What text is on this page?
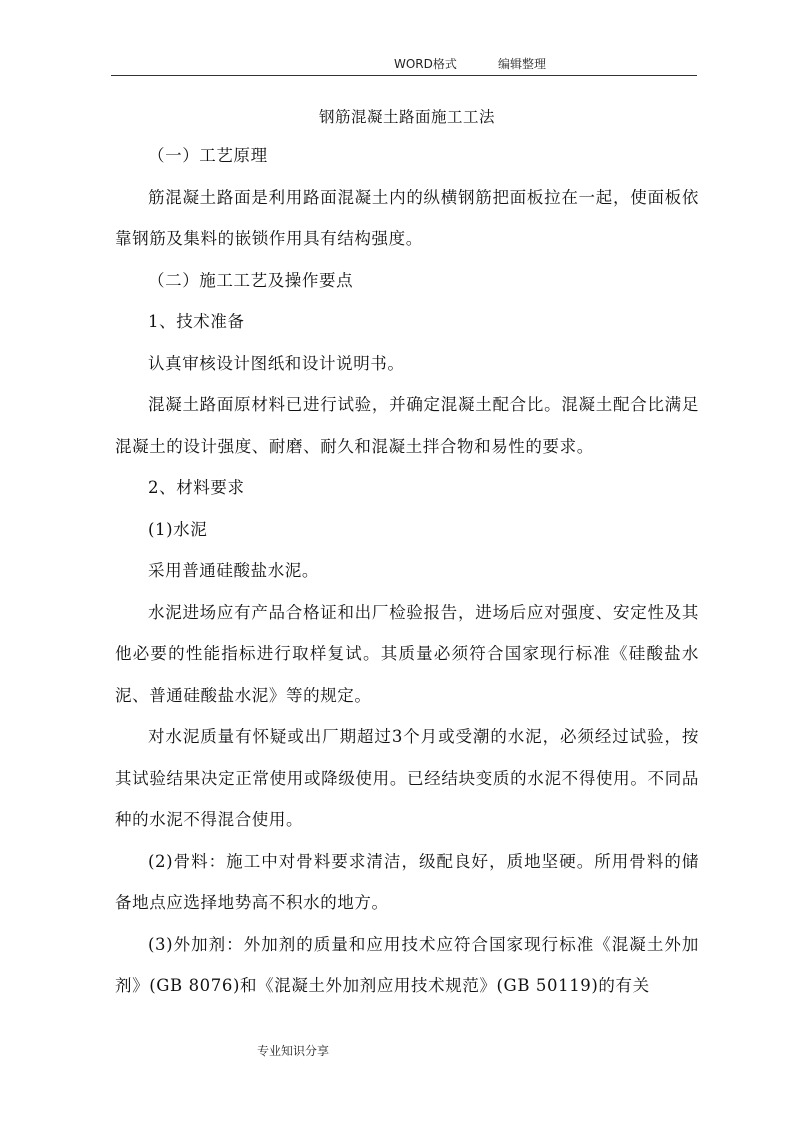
WORD格式	编辑整理

钢筋混凝土路面施工工法

（一）工艺原理

筋混凝土路面是利用路面混凝土内的纵横钢筋把面板拉在一起，使面板依靠钢筋及集料的嵌锁作用具有结构强度。

（二）施工工艺及操作要点

1、技术准备

认真审核设计图纸和设计说明书。

混凝土路面原材料已进行试验，并确定混凝土配合比。混凝土配合比满足混凝土的设计强度、耐磨、耐久和混凝土拌合物和易性的要求。

2、材料要求

(1)水泥

采用普通硅酸盐水泥。

水泥进场应有产品合格证和出厂检验报告，进场后应对强度、安定性及其他必要的性能指标进行取样复试。其质量必须符合国家现行标准《硅酸盐水泥、普通硅酸盐水泥》等的规定。

对水泥质量有怀疑或出厂期超过3个月或受潮的水泥，必须经过试验，按其试验结果决定正常使用或降级使用。已经结块变质的水泥不得使用。不同品种的水泥不得混合使用。

(2)骨料：施工中对骨料要求清洁，级配良好，质地坚硬。所用骨料的储备地点应选择地势高不积水的地方。

(3)外加剂：外加剂的质量和应用技术应符合国家现行标准《混凝土外加剂》(GB 8076)和《混凝土外加剂应用技术规范》(GB 50119)的有关

专业知识分享
